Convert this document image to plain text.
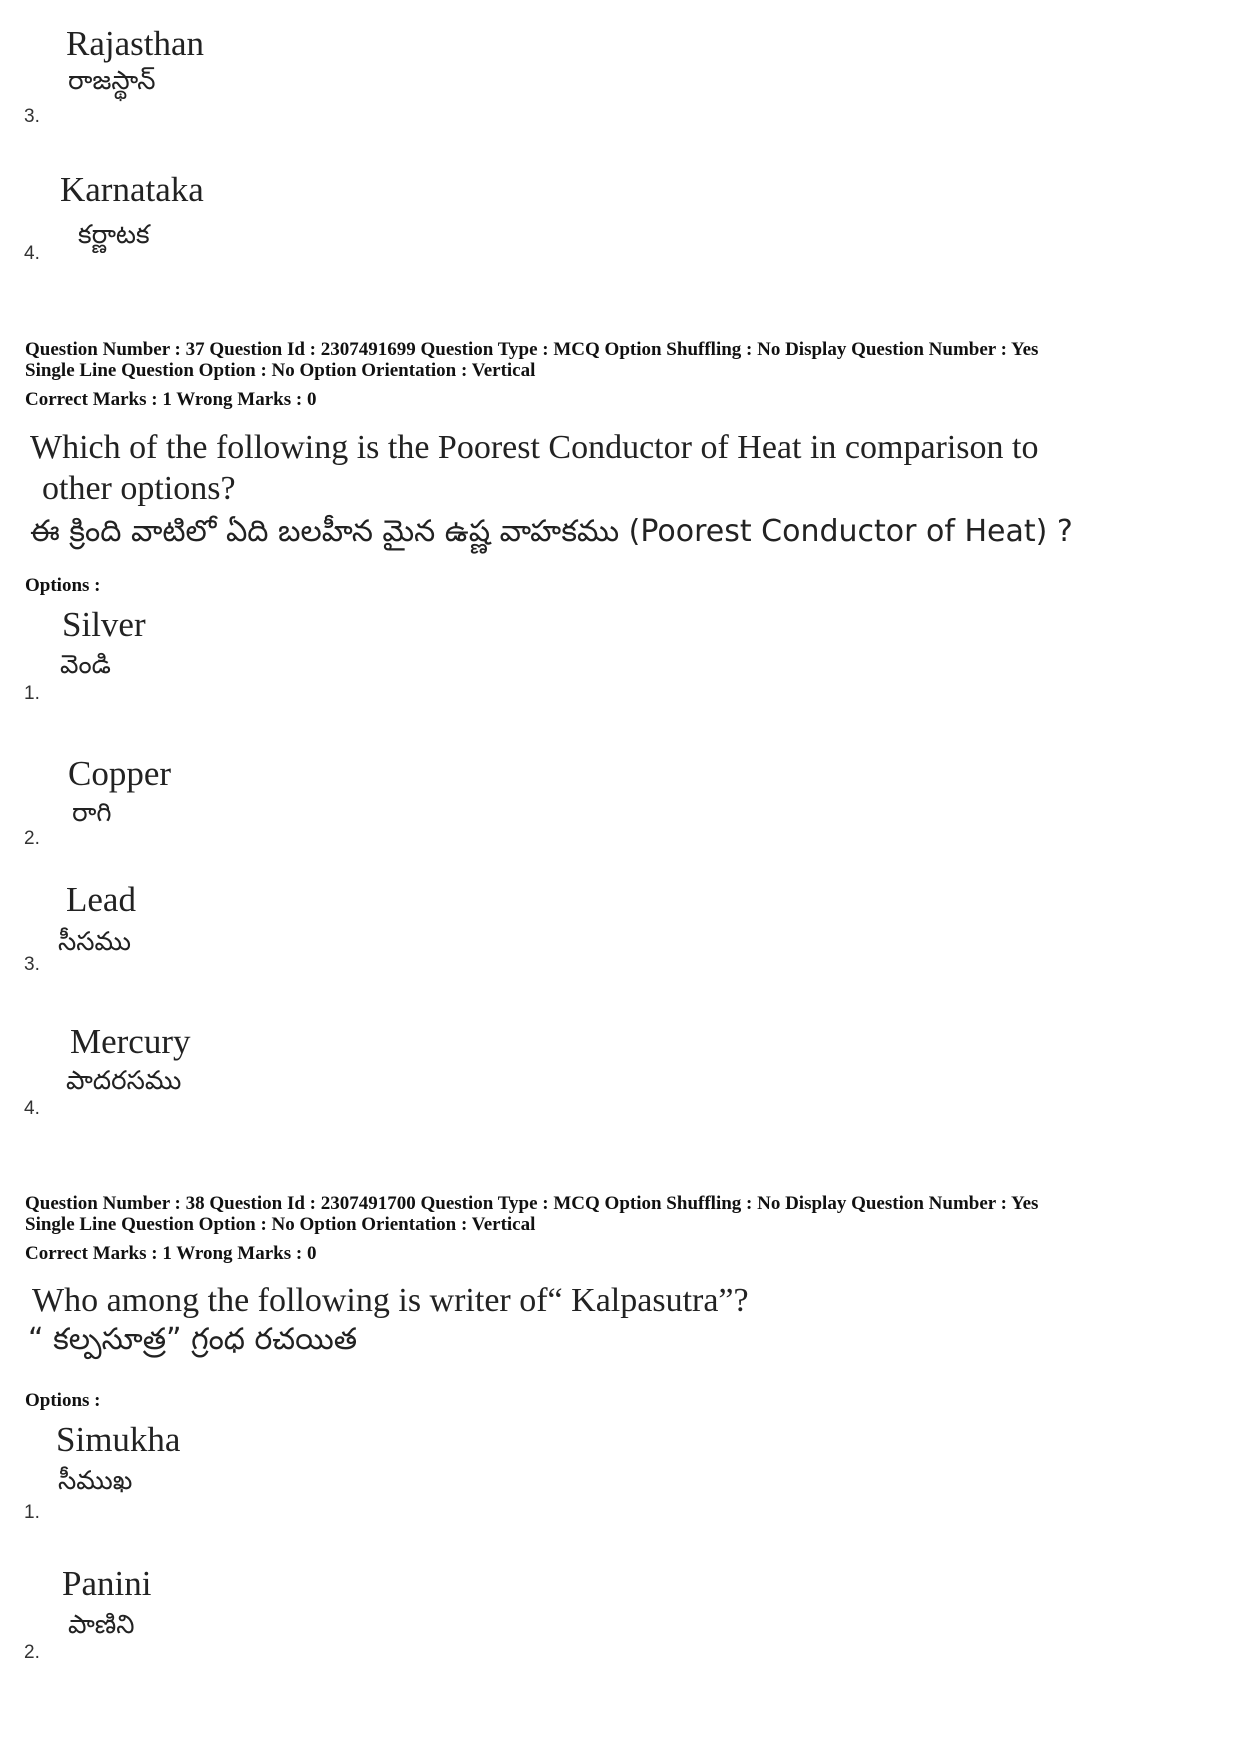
Rajasthan
రాజస్థాన్
3.
Karnataka
కర్ణాటక
4.
Question Number : 37 Question Id : 2307491699 Question Type : MCQ Option Shuffling : No Display Question Number : Yes
Single Line Question Option : No Option Orientation : Vertical
Correct Marks : 1 Wrong Marks : 0
Which of the following is the Poorest Conductor of Heat in comparison to
other options?
ఈ క్రింది వాటిలో ఏది బలహీన మైన ఉష్ణ వాహకము (Poorest Conductor of Heat) ?
Options :
Silver
వెండి
1.
Copper
రాగి
2.
Lead
సీసము
3.
Mercury
పాదరసము
4.
Question Number : 38 Question Id : 2307491700 Question Type : MCQ Option Shuffling : No Display Question Number : Yes
Single Line Question Option : No Option Orientation : Vertical
Correct Marks : 1 Wrong Marks : 0
Who among the following is writer of“ Kalpasutra”?
“ కల్పసూత్ర” గ్రంధ రచయిత
Options :
Simukha
సీముఖ
1.
Panini
పాణిని
2.
